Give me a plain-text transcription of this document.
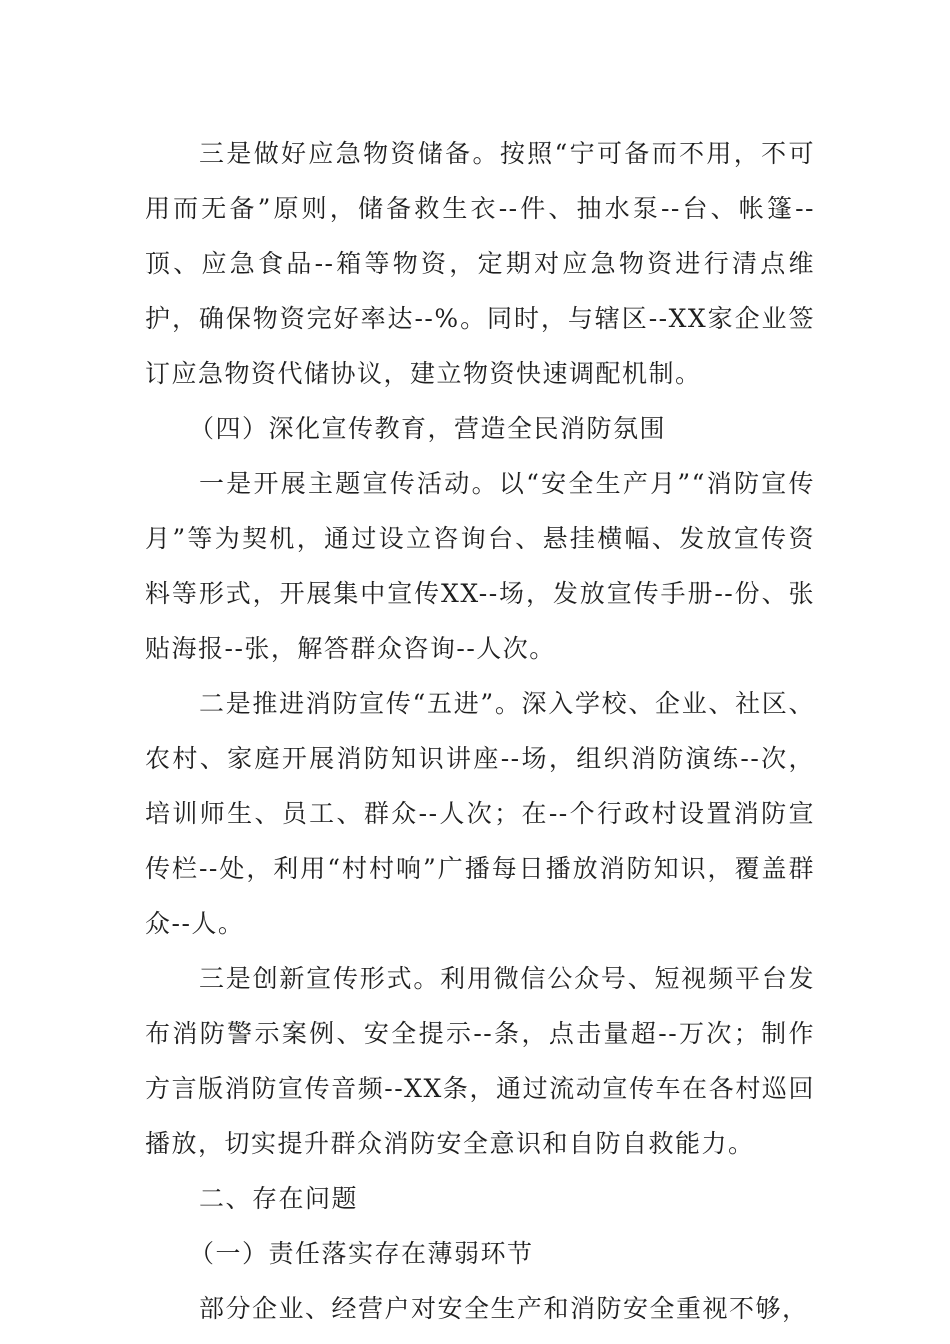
三是做好应急物资储备。按照“宁可备而不用，不可用而无备”原则，储备救生衣--件、抽水泵--台、帐篷--顶、应急食品--箱等物资，定期对应急物资进行清点维护，确保物资完好率达--%。同时，与辖区--XX家企业签订应急物资代储协议，建立物资快速调配机制。

（四）深化宣传教育，营造全民消防氛围

一是开展主题宣传活动。以“安全生产月”“消防宣传月”等为契机，通过设立咨询台、悬挂横幅、发放宣传资料等形式，开展集中宣传XX--场，发放宣传手册--份、张贴海报--张，解答群众咨询--人次。

二是推进消防宣传“五进”。深入学校、企业、社区、农村、家庭开展消防知识讲座--场，组织消防演练--次，培训师生、员工、群众--人次；在--个行政村设置消防宣传栏--处，利用“村村响”广播每日播放消防知识，覆盖群众--人。

三是创新宣传形式。利用微信公众号、短视频平台发布消防警示案例、安全提示--条，点击量超--万次；制作方言版消防宣传音频--XX条，通过流动宣传车在各村巡回播放，切实提升群众消防安全意识和自防自救能力。

二、存在问题

（一）责任落实存在薄弱环节

部分企业、经营户对安全生产和消防安全重视不够，
